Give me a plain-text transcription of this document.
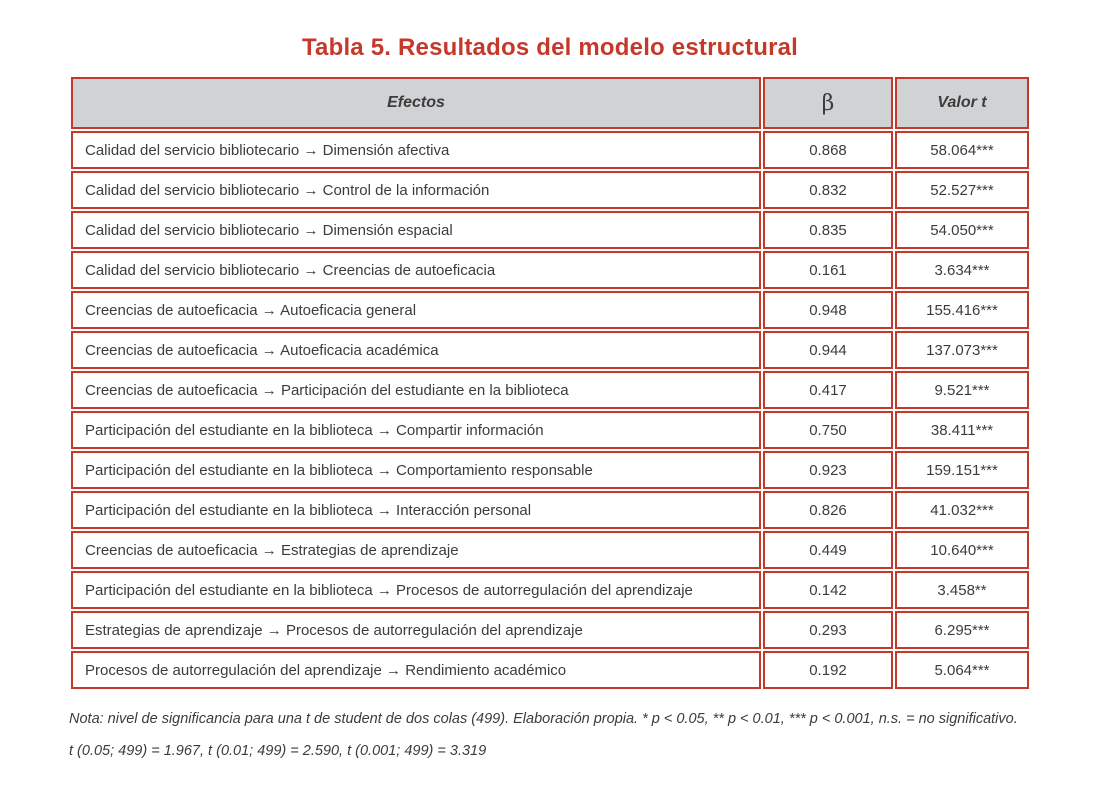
Tabla 5. Resultados del modelo estructural
Efectos	β	Valor t
Calidad del servicio bibliotecario → Dimensión afectiva	0.868	58.064***
Calidad del servicio bibliotecario → Control de la información	0.832	52.527***
Calidad del servicio bibliotecario → Dimensión espacial	0.835	54.050***
Calidad del servicio bibliotecario → Creencias de autoeficacia	0.161	3.634***
Creencias de autoeficacia → Autoeficacia general	0.948	155.416***
Creencias de autoeficacia → Autoeficacia académica	0.944	137.073***
Creencias de autoeficacia → Participación del estudiante en la biblioteca	0.417	9.521***
Participación del estudiante en la biblioteca → Compartir información	0.750	38.411***
Participación del estudiante en la biblioteca → Comportamiento responsable	0.923	159.151***
Participación del estudiante en la biblioteca → Interacción personal	0.826	41.032***
Creencias de autoeficacia → Estrategias de aprendizaje	0.449	10.640***
Participación del estudiante en la biblioteca → Procesos de autorregulación del aprendizaje	0.142	3.458**
Estrategias de aprendizaje → Procesos de autorregulación del aprendizaje	0.293	6.295***
Procesos de autorregulación del aprendizaje → Rendimiento académico	0.192	5.064***
Nota: nivel de significancia para una t de student de dos colas (499). Elaboración propia. * p < 0.05, ** p < 0.01, *** p < 0.001, n.s. = no significativo.
t (0.05; 499) = 1.967, t (0.01; 499) = 2.590, t (0.001; 499) = 3.319
